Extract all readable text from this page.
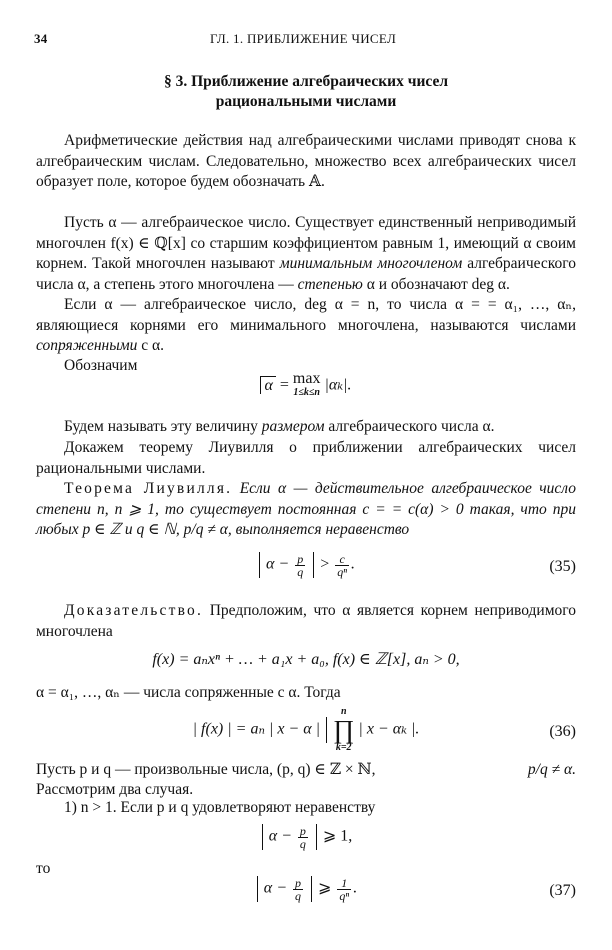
34	ГЛ. 1. ПРИБЛИЖЕНИЕ ЧИСЕЛ
§ 3. Приближение алгебраических чисел
рациональными числами
Арифметические действия над алгебраическими числами приводят снова к алгебраическим числам. Следовательно, множество всех алгебраических чисел образует поле, которое будем обозначать 𝔸.
Пусть α — алгебраическое число. Существует единственный неприводимый многочлен f(x) ∈ ℚ[x] со старшим коэффициентом равным 1, имеющий α своим корнем. Такой многочлен называют минимальным многочленом алгебраического числа α, а степень этого многочлена — степенью α и обозначают deg α.
Если α — алгебраическое число, deg α = n, то числа α = = α₁, …, αₙ, являющиеся корнями его минимального многочлена, называются числами сопряженными с α.
Обозначим
α = max
1≤k≤n |αₖ|.
Будем называть эту величину размером алгебраического числа α.
Докажем теорему Лиувилля о приближении алгебраических чисел рациональными числами.
Теорема Лиувилля. Если α — действительное алгебраическое число степени n, n ⩾ 1, то существует постоянная c = = c(α) > 0 такая, что при любых p ∈ ℤ и q ∈ ℕ, p/q ≠ α, выполняется неравенство
$\alpha - \frac{p}{q} > \frac{c}{\text{qⁿ}}$ .	(35)
Доказательство. Предположим, что α является корнем неприводимого многочлена
f(x) = aₙxⁿ + … + a₁x + a₀, f(x) ∈ ℤ[x], aₙ > 0,
α = α₁, …, αₙ — числа сопряженные с α. Тогда
| f(x) | = aₙ | x − α |
n
∏
k=2
| x − αₖ |.	(36)
Пусть p и q — произвольные числа, (p, q) ∈ ℤ × ℕ,	p/q ≠ α.
Рассмотрим два случая.
1) n > 1. Если p и q удовлетворяют неравенству
$\alpha - \frac{p}{q}$ ⩾ 1,
то
$\alpha - \frac{p}{q}$ ⩾ $\frac{1}{\text{qⁿ}}$ .	(37)
